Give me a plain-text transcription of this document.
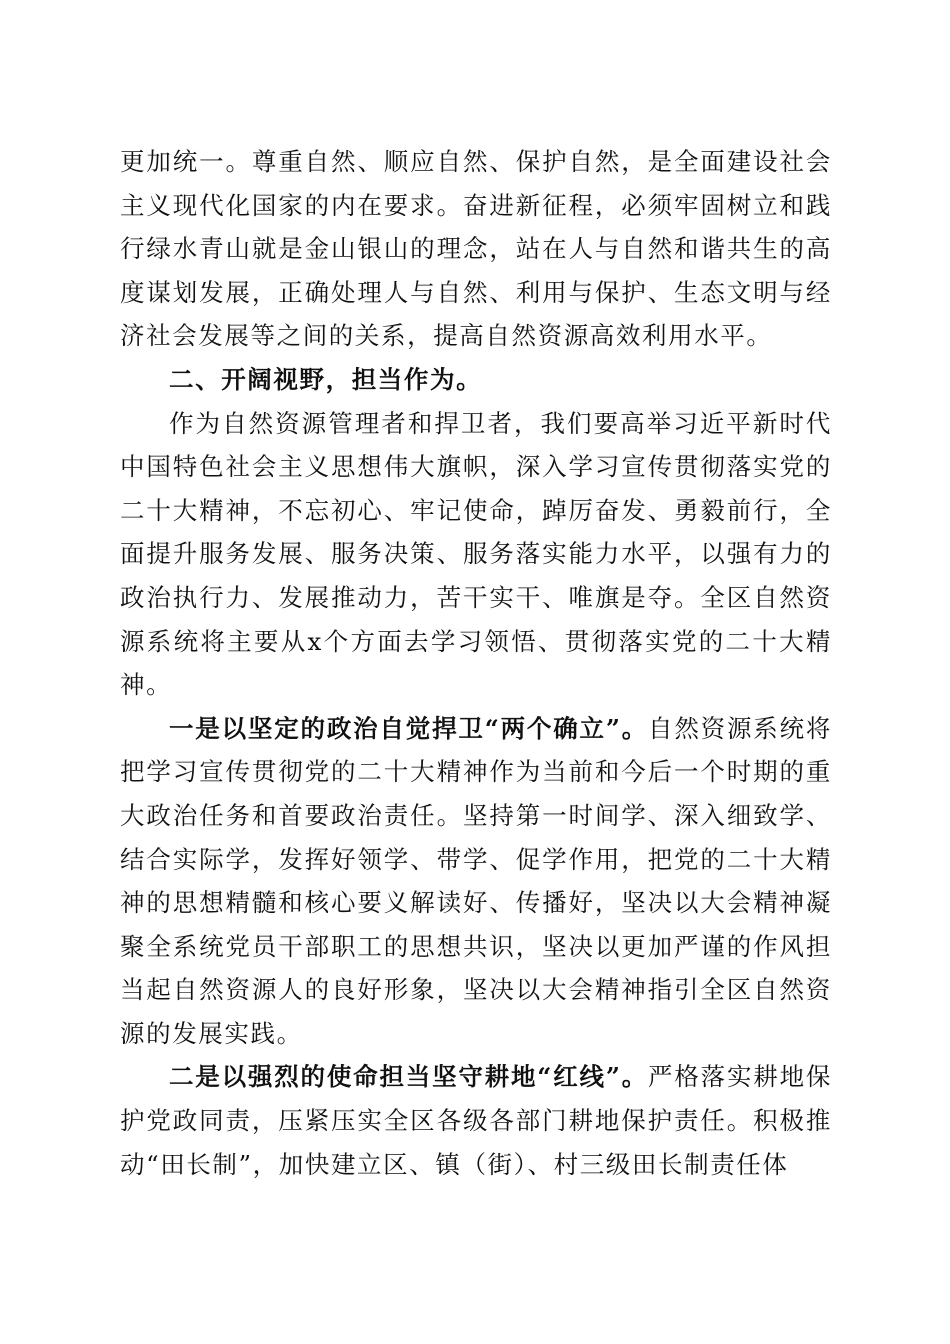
更加统一。尊重自然、顺应自然、保护自然，是全面建设社会主义现代化国家的内在要求。奋进新征程，必须牢固树立和践行绿水青山就是金山银山的理念，站在人与自然和谐共生的高度谋划发展，正确处理人与自然、利用与保护、生态文明与经济社会发展等之间的关系，提高自然资源高效利用水平。

二、开阔视野，担当作为。

作为自然资源管理者和捍卫者，我们要高举习近平新时代中国特色社会主义思想伟大旗帜，深入学习宣传贯彻落实党的二十大精神，不忘初心、牢记使命，踔厉奋发、勇毅前行，全面提升服务发展、服务决策、服务落实能力水平，以强有力的政治执行力、发展推动力，苦干实干、唯旗是夺。全区自然资源系统将主要从x个方面去学习领悟、贯彻落实党的二十大精神。

一是以坚定的政治自觉捍卫“两个确立”。自然资源系统将把学习宣传贯彻党的二十大精神作为当前和今后一个时期的重大政治任务和首要政治责任。坚持第一时间学、深入细致学、结合实际学，发挥好领学、带学、促学作用，把党的二十大精神的思想精髓和核心要义解读好、传播好，坚决以大会精神凝聚全系统党员干部职工的思想共识，坚决以更加严谨的作风担当起自然资源人的良好形象，坚决以大会精神指引全区自然资源的发展实践。

二是以强烈的使命担当坚守耕地“红线”。严格落实耕地保护党政同责，压紧压实全区各级各部门耕地保护责任。积极推动“田长制”，加快建立区、镇（街）、村三级田长制责任体
